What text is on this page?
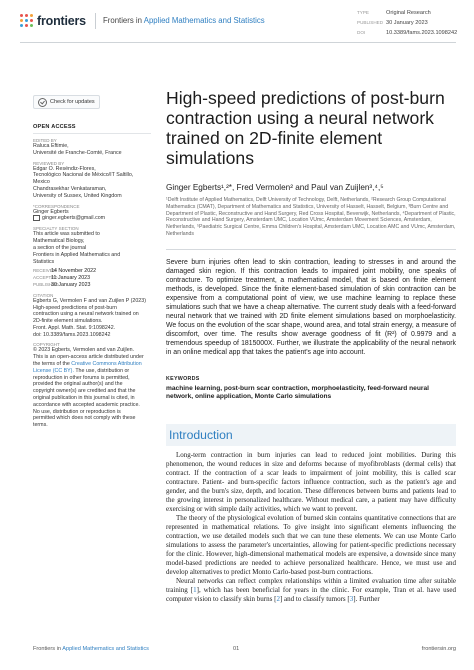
frontiers Frontiers in Applied Mathematics and Statistics
TYPE	Original Research
PUBLISHED 30 January 2023
DOI	10.3389/fams.2023.1098242
Check for updates
OPEN ACCESS
EDITED BY
Raluca Eftimie,
Université de Franche-Comté, France
REVIEWED BY
Edgar O. Reséndiz-Flores,
Tecnológico Nacional de México/IT Saltillo,
Mexico
Chandrasekhar Venkataraman,
University of Sussex, United Kingdom
*CORRESPONDENCE
Ginger Egberts
ginger.egberts@gmail.com
SPECIALTY SECTION
This article was submitted to
Mathematical Biology,
a section of the journal
Frontiers in Applied Mathematics and
Statistics
RECEIVED14 November 2022
ACCEPTED11 January 2023
PUBLISHED30 January 2023
CITATION
Egberts G, Vermolen F and van Zuijlen P (2023)
High-speed predictions of post-burn
contraction using a neural network trained on
2D-finite element simulations.
Front. Appl. Math. Stat. 9:1098242.
doi: 10.3389/fams.2023.1098242
COPYRIGHT
© 2023 Egberts, Vermolen and van Zuijlen.
This is an open-access article distributed under
the terms of the Creative Commons Attribution
License (CC BY). The use, distribution or
reproduction in other forums is permitted,
provided the original author(s) and the
copyright owner(s) are credited and that the
original publication in this journal is cited, in
accordance with accepted academic practice.
No use, distribution or reproduction is
permitted which does not comply with these
terms.
High-speed predictions of post-burn contraction using a neural network trained on 2D-finite element simulations
Ginger Egberts¹,²*, Fred Vermolen² and Paul van Zuijlen³,⁴,⁵
¹Delft Institute of Applied Mathematics, Delft University of Technology, Delft, Netherlands, ²Research Group Computational Mathematics (CMAT), Department of Mathematics and Statistics, University of Hasselt, Hasselt, Belgium, ³Burn Centre and Department of Plastic, Reconstructive and Hand Surgery, Red Cross Hospital, Beverwijk, Netherlands, ⁴Department of Plastic, Reconstructive and Hand Surgery, Amsterdam UMC, Location VUmc, Amsterdam Movement Sciences, Amsterdam, Netherlands, ⁵Paediatric Surgical Centre, Emma Children's Hospital, Amsterdam UMC, Location AMC and VUmc, Amsterdam, Netherlands
Severe burn injuries often lead to skin contraction, leading to stresses in and around the damaged skin region. If this contraction leads to impaired joint mobility, one speaks of contracture. To optimize treatment, a mathematical model, that is based on finite element methods, is developed. Since the finite element-based simulation of skin contraction can be expensive from a computational point of view, we use machine learning to replace these simulations such that we have a cheap alternative. The current study deals with a feed-forward neural network that we trained with 2D finite element simulations based on morphoelasticity. We focus on the evolution of the scar shape, wound area, and total strain energy, a measure of discomfort, over time. The results show average goodness of fit (R²) of 0.9979 and a tremendous speedup of 1815000X. Further, we illustrate the applicability of the neural network in an online medical app that takes the patient's age into account.
KEYWORDS
machine learning, post-burn scar contraction, morphoelasticity, feed-forward neural network, online application, Monte Carlo simulations
Introduction

Long-term contraction in burn injuries can lead to reduced joint mobilities. During this phenomenon, the wound reduces in size and deforms because of myofibroblasts (dermal cells) that contract. If the contraction of a scar leads to impairment of joint mobility, this is called scar contracture. Patient- and burn-specific factors influence contraction, such as the patient's age and gender, and the burn's size, depth, and location. These differences between burns and patients lead to the growing interest in personalized healthcare. Without medical care, a patient may have difficulty exercising or with simple daily activities, which we want to prevent.

The theory of the physiological evolution of burned skin contains quantitative connections that are represented in mathematical relations. To give insight into significant elements influencing the contraction, we use detailed models such that we can tune these elements. We can use Monte Carlo simulations to assess the parameter's uncertainties, allowing for patient-specific predictions necessary for the clinic. However, high-dimensional mathematical models are expensive, a downside since many model-based predictions are needed to achieve personalized healthcare. Hence, we must use and develop alternatives to predict Monto Carlo-based post-burn contractions.

Neural networks can reflect complex relationships within a limited evaluation time after suitable training [1], which has been beneficial for years in the clinic. For example, Tran et al. have used computer vision to classify skin burns [2] and to classify tumors [3]. Further

Frontiers in Applied Mathematics and Statistics	01	frontiersin.org
